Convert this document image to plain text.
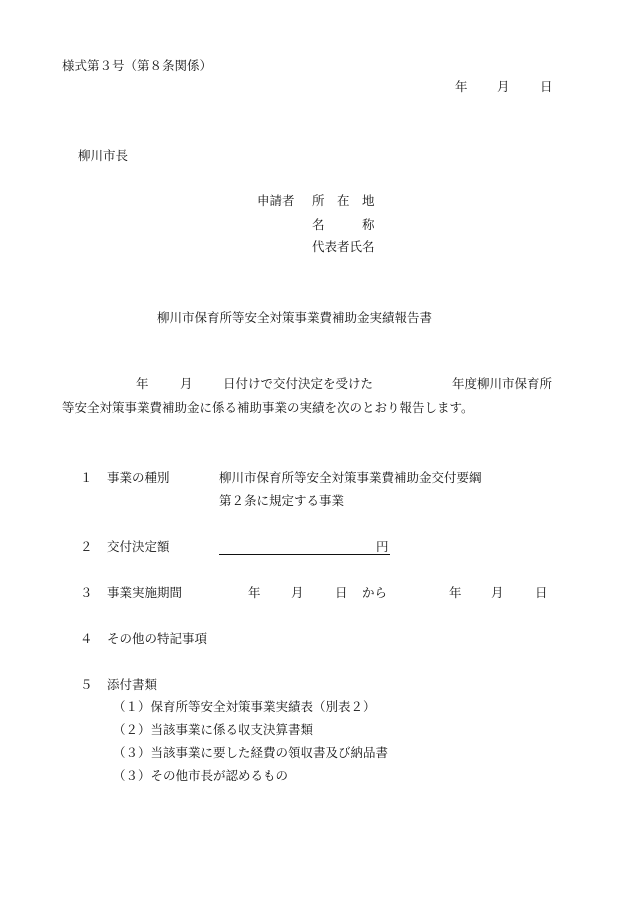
様式第３号（第８条関係）
年 月 日
柳川市長
申請者 所　在　地
名　　　称
代表者氏名
柳川市保育所等安全対策事業費補助金実績報告書
年	月 日付けで交付決定を受けた	年度柳川市保育所
等安全対策事業費補助金に係る補助事業の実績を次のとおり報告します。
１ 事業の種別	柳川市保育所等安全対策事業費補助金交付要綱
第２条に規定する事業
２ 交付決定額	円
３ 事業実施期間	年 月	日 から	年 月	日
４ その他の特記事項
５ 添付書類
（１）保育所等安全対策事業実績表（別表２）
（２）当該事業に係る収支決算書類
（３）当該事業に要した経費の領収書及び納品書
（３）その他市長が認めるもの
